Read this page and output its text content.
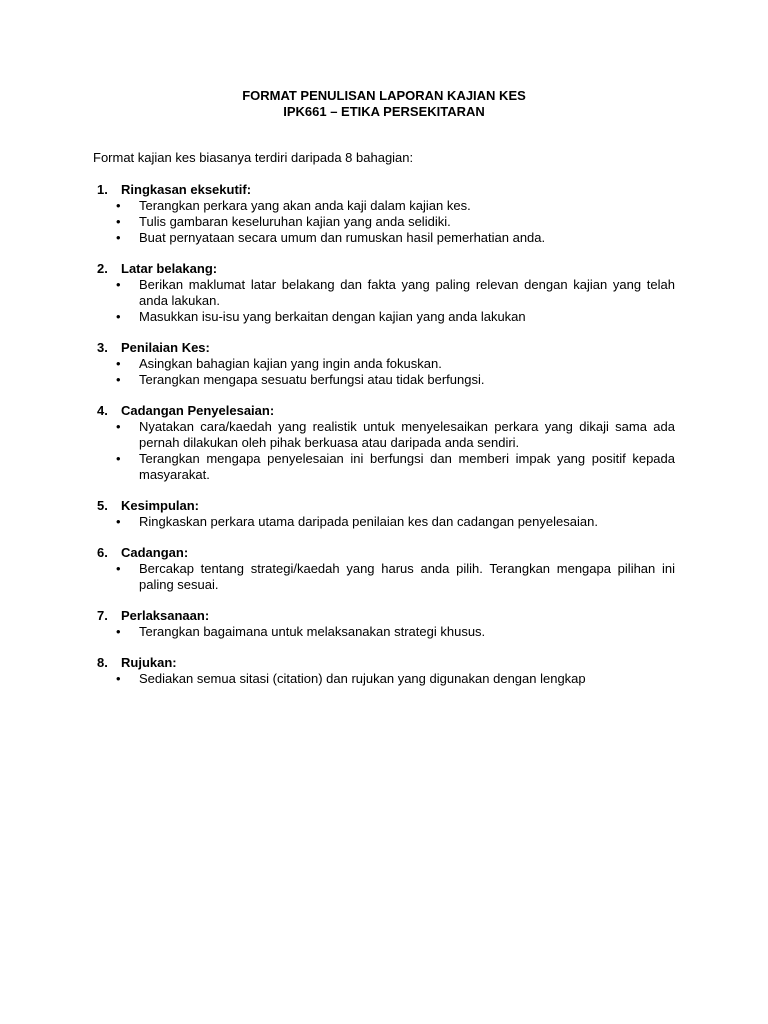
FORMAT PENULISAN LAPORAN KAJIAN KES
IPK661 – ETIKA PERSEKITARAN
Format kajian kes biasanya terdiri daripada 8 bahagian:
1.	Ringkasan eksekutif:
•	Terangkan perkara yang akan anda kaji dalam kajian kes.
•	Tulis gambaran keseluruhan kajian yang anda selidiki.
•	Buat pernyataan secara umum dan rumuskan hasil pemerhatian anda.
2.	Latar belakang:
•	Berikan maklumat latar belakang dan fakta yang paling relevan dengan kajian yang telah anda lakukan.
•	Masukkan isu-isu yang berkaitan dengan kajian yang anda lakukan
3.	Penilaian Kes:
•	Asingkan bahagian kajian yang ingin anda fokuskan.
•	Terangkan mengapa sesuatu berfungsi atau tidak berfungsi.
4.	Cadangan Penyelesaian:
•	Nyatakan cara/kaedah yang realistik untuk menyelesaikan perkara yang dikaji sama ada pernah dilakukan oleh pihak berkuasa atau daripada anda sendiri.
•	Terangkan mengapa penyelesaian ini berfungsi dan memberi impak yang positif kepada masyarakat.
5.	Kesimpulan:
•	Ringkaskan perkara utama daripada penilaian kes dan cadangan penyelesaian.
6.	Cadangan:
•	Bercakap tentang strategi/kaedah yang harus anda pilih. Terangkan mengapa pilihan ini paling sesuai.
7.	Perlaksanaan:
•	Terangkan bagaimana untuk melaksanakan strategi khusus.
8.	Rujukan:
•	Sediakan semua sitasi (citation) dan rujukan yang digunakan dengan lengkap
